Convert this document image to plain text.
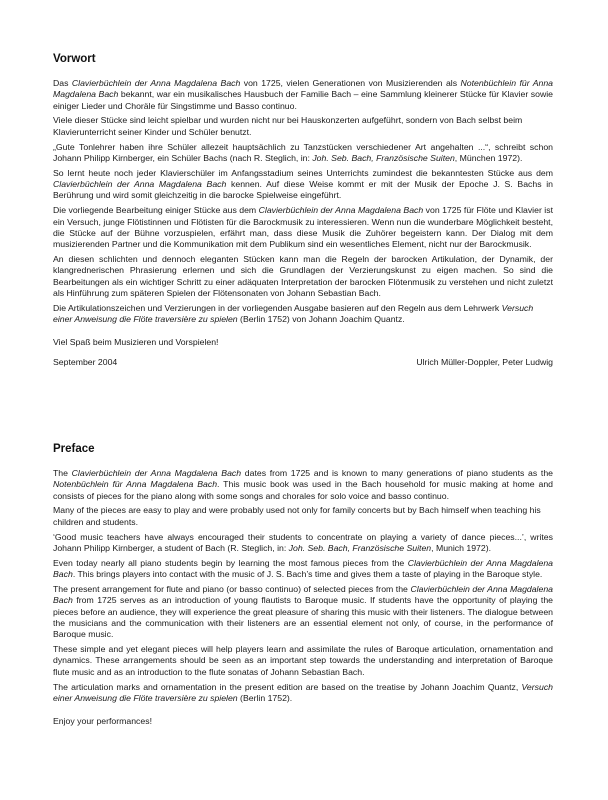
Vorwort

Das Clavierbüchlein der Anna Magdalena Bach von 1725, vielen Generationen von Musizierenden als Notenbüchlein für Anna Magdalena Bach bekannt, war ein musikalisches Hausbuch der Familie Bach – eine Sammlung kleinerer Stücke für Klavier sowie einiger Lieder und Choräle für Singstimme und Basso continuo.

Viele dieser Stücke sind leicht spielbar und wurden nicht nur bei Hauskonzerten aufgeführt, sondern von Bach selbst beim Klavierunterricht seiner Kinder und Schüler benutzt.

„Gute Tonlehrer haben ihre Schüler allezeit hauptsächlich zu Tanzstücken verschiedener Art angehalten ...“, schreibt schon Johann Philipp Kirnberger, ein Schüler Bachs (nach R. Steglich, in: Joh. Seb. Bach, Französische Suiten, München 1972).

So lernt heute noch jeder Klavierschüler im Anfangsstadium seines Unterrichts zumindest die bekanntesten Stücke aus dem Clavierbüchlein der Anna Magdalena Bach kennen. Auf diese Weise kommt er mit der Musik der Epoche J. S. Bachs in Berührung und wird somit gleichzeitig in die barocke Spielweise eingeführt.

Die vorliegende Bearbeitung einiger Stücke aus dem Clavierbüchlein der Anna Magdalena Bach von 1725 für Flöte und Klavier ist ein Versuch, junge Flötistinnen und Flötisten für die Barockmusik zu interessieren. Wenn nun die wunderbare Möglichkeit besteht, die Stücke auf der Bühne vorzuspielen, erfährt man, dass diese Musik die Zuhörer begeistern kann. Der Dialog mit dem musizierenden Partner und die Kommunikation mit dem Publikum sind ein wesentliches Element, nicht nur der Barockmusik.

An diesen schlichten und dennoch eleganten Stücken kann man die Regeln der barocken Artikulation, der Dynamik, der klangrednerischen Phrasierung erlernen und sich die Grundlagen der Verzierungskunst zu eigen machen. So sind die Bearbeitungen als ein wichtiger Schritt zu einer adäquaten Interpretation der barocken Flötenmusik zu verstehen und nicht zuletzt als Hinführung zum späteren Spielen der Flötensonaten von Johann Sebastian Bach.

Die Artikulationszeichen und Verzierungen in der vorliegenden Ausgabe basieren auf den Regeln aus dem Lehrwerk Versuch einer Anweisung die Flöte traversière zu spielen (Berlin 1752) von Johann Joachim Quantz.

Viel Spaß beim Musizieren und Vorspielen!

September 2004	Ulrich Müller-Doppler, Peter Ludwig
Preface

The Clavierbüchlein der Anna Magdalena Bach dates from 1725 and is known to many generations of piano students as the Notenbüchlein für Anna Magdalena Bach. This music book was used in the Bach household for music making at home and consists of pieces for the piano along with some songs and chorales for solo voice and basso continuo.

Many of the pieces are easy to play and were probably used not only for family concerts but by Bach himself when teaching his children and students.

‘Good music teachers have always encouraged their students to concentrate on playing a variety of dance pieces...’, writes Johann Philipp Kirnberger, a student of Bach (R. Steglich, in: Joh. Seb. Bach, Französische Suiten, Munich 1972).

Even today nearly all piano students begin by learning the most famous pieces from the Clavierbüchlein der Anna Magdalena Bach. This brings players into contact with the music of J. S. Bach’s time and gives them a taste of playing in the Baroque style.

The present arrangement for flute and piano (or basso continuo) of selected pieces from the Clavierbüchlein der Anna Magdalena Bach from 1725 serves as an introduction of young flautists to Baroque music. If students have the opportunity of playing the pieces before an audience, they will experience the great pleasure of sharing this music with their listeners. The dialogue between the musicians and the communication with their listeners are an essential element not only, of course, in the performance of Baroque music.

These simple and yet elegant pieces will help players learn and assimilate the rules of Baroque articulation, ornamentation and dynamics. These arrangements should be seen as an important step towards the understanding and interpretation of Baroque flute music and as an introduction to the flute sonatas of Johann Sebastian Bach.

The articulation marks and ornamentation in the present edition are based on the treatise by Johann Joachim Quantz, Versuch einer Anweisung die Flöte traversière zu spielen (Berlin 1752).

Enjoy your performances!
